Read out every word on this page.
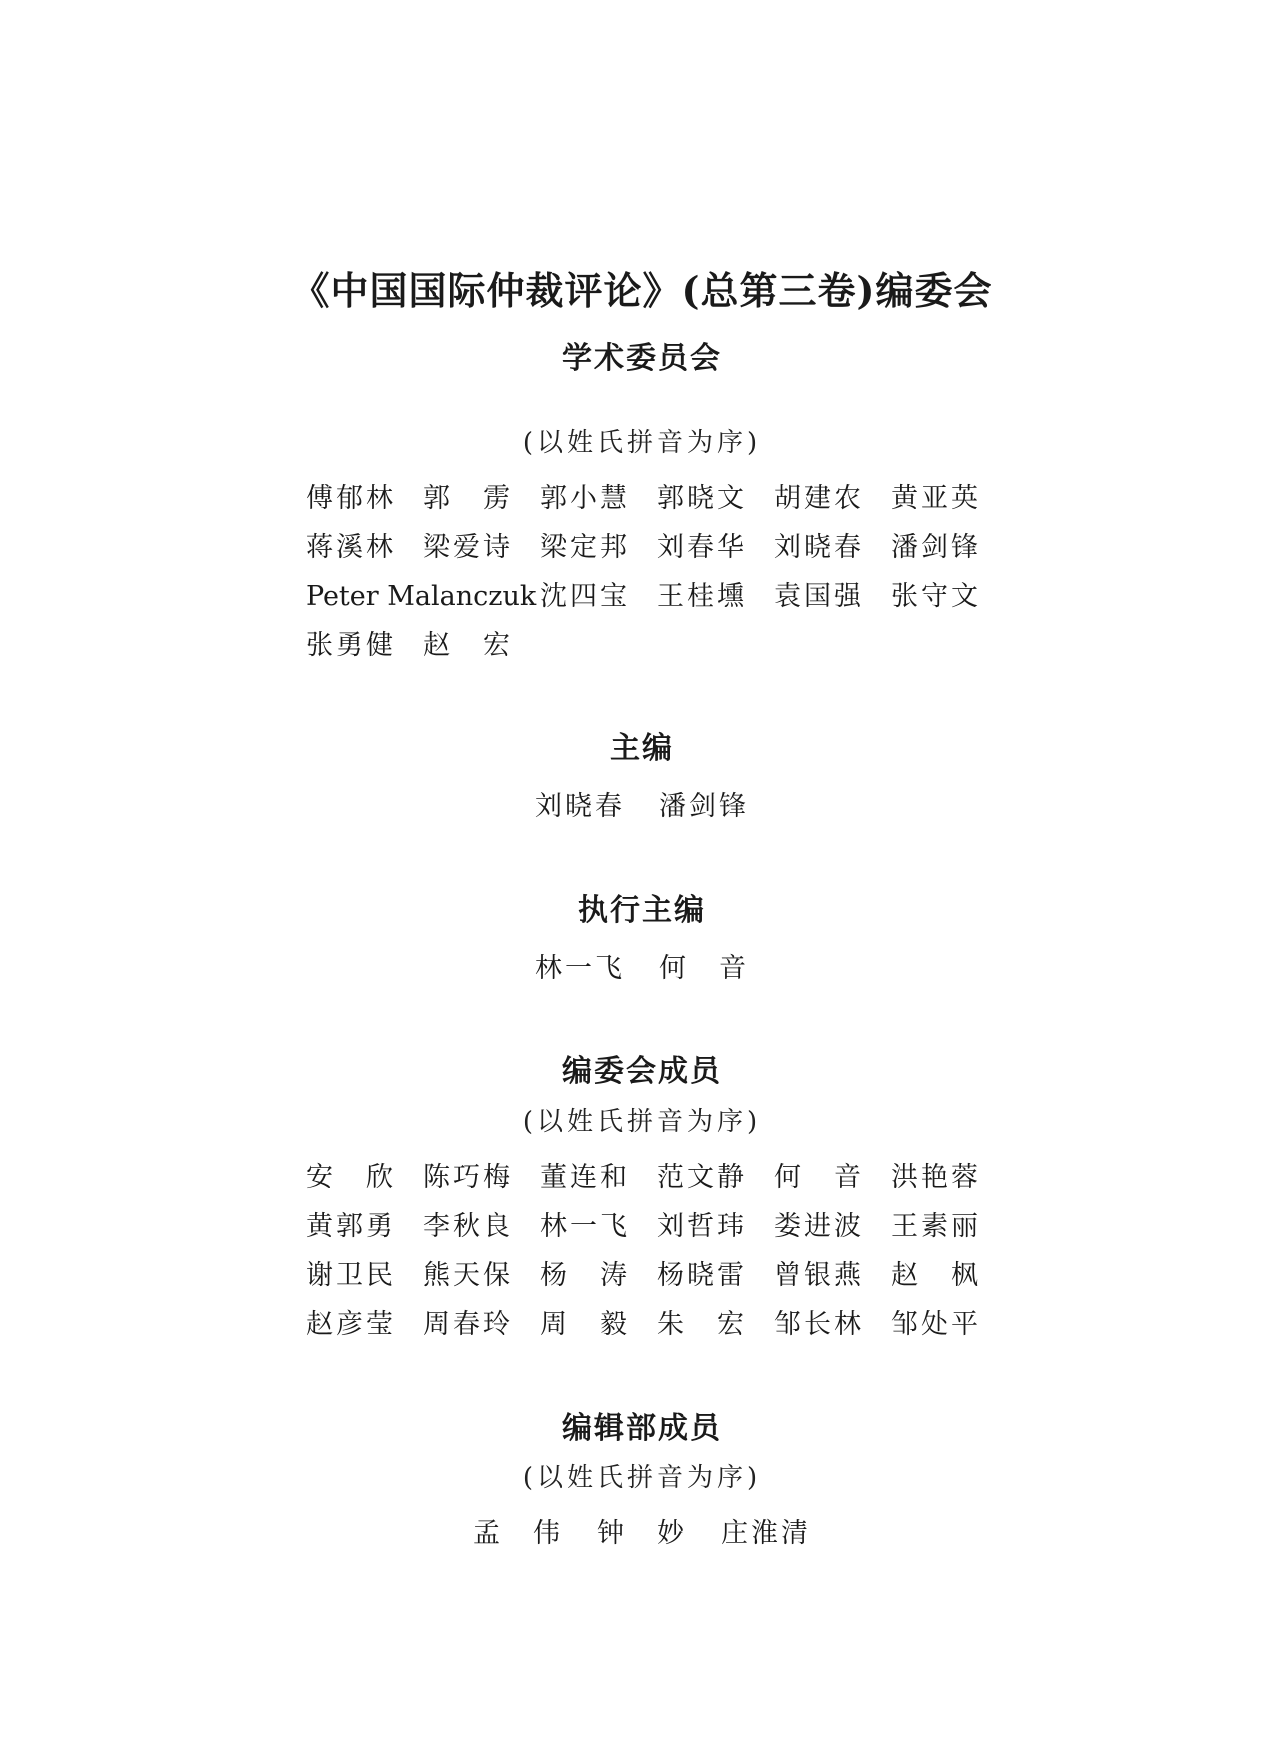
《中国国际仲裁评论》(总第三卷)编委会
学术委员会
(以姓氏拼音为序)
傅郁林	郭　雳	郭小慧	郭晓文	胡建农	黄亚英
蒋溪林	梁爱诗	梁定邦	刘春华	刘晓春	潘剑锋
Peter Malanczuk 沈四宝	王桂壎	袁国强	张守文
张勇健	赵　宏
主编
刘晓春 潘剑锋
执行主编
林一飞 何　音
编委会成员
(以姓氏拼音为序)
安　欣	陈巧梅	董连和	范文静	何　音	洪艳蓉
黄郭勇	李秋良	林一飞	刘哲玮	娄进波	王素丽
谢卫民	熊天保	杨　涛	杨晓雷	曾银燕	赵　枫
赵彦莹	周春玲	周　毅	朱　宏	邹长林	邹处平
编辑部成员
(以姓氏拼音为序)
孟　伟 钟　妙 庄淮清
